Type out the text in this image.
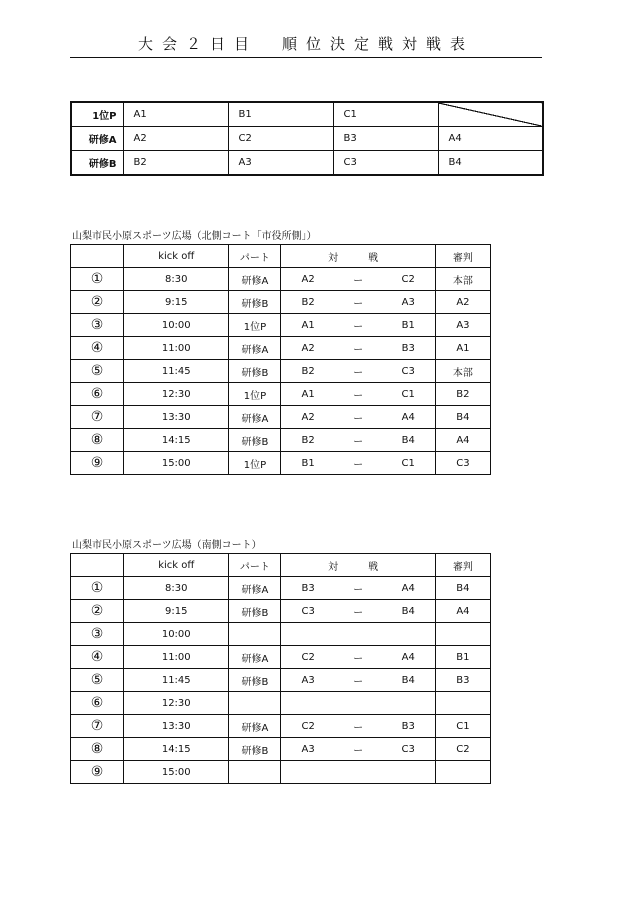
大会２日目　順位決定戦対戦表
1位P	A1	B1	C1	
研修A	A2	C2	B3	A4
研修B	B2	A3	C3	B4
山梨市民小原スポーツ広場（北側コート「市役所側」）
	kick off	パート		対　戦		審判
①	8:30	研修A	A2	ー	C2	本部
②	9:15	研修B	B2	ー	A3	A2
③	10:00	1位P	A1	ー	B1	A3
④	11:00	研修A	A2	ー	B3	A1
⑤	11:45	研修B	B2	ー	C3	本部
⑥	12:30	1位P	A1	ー	C1	B2
⑦	13:30	研修A	A2	ー	A4	B4
⑧	14:15	研修B	B2	ー	B4	A4
⑨	15:00	1位P	B1	ー	C1	C3
山梨市民小原スポーツ広場（南側コート）
	kick off	パート		対　戦		審判
①	8:30	研修A	B3	ー	A4	B4
②	9:15	研修B	C3	ー	B4	A4
③	10:00					
④	11:00	研修A	C2	ー	A4	B1
⑤	11:45	研修B	A3	ー	B4	B3
⑥	12:30					
⑦	13:30	研修A	C2	ー	B3	C1
⑧	14:15	研修B	A3	ー	C3	C2
⑨	15:00					
